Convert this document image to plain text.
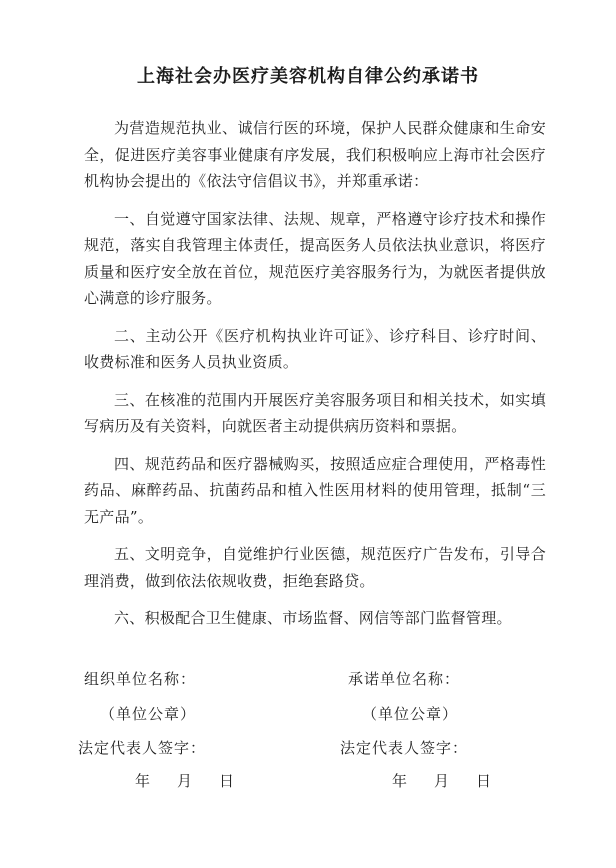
上海社会办医疗美容机构自律公约承诺书

为营造规范执业、诚信行医的环境，保护人民群众健康和生命安全，促进医疗美容事业健康有序发展，我们积极响应上海市社会医疗机构协会提出的《依法守信倡议书》，并郑重承诺：

一、自觉遵守国家法律、法规、规章，严格遵守诊疗技术和操作规范，落实自我管理主体责任，提高医务人员依法执业意识，将医疗质量和医疗安全放在首位，规范医疗美容服务行为，为就医者提供放心满意的诊疗服务。

二、主动公开《医疗机构执业许可证》、诊疗科目、诊疗时间、收费标准和医务人员执业资质。

三、在核准的范围内开展医疗美容服务项目和相关技术，如实填写病历及有关资料，向就医者主动提供病历资料和票据。

四、规范药品和医疗器械购买，按照适应症合理使用，严格毒性药品、麻醉药品、抗菌药品和植入性医用材料的使用管理，抵制“三无产品”。

五、文明竞争，自觉维护行业医德，规范医疗广告发布，引导合理消费，做到依法依规收费，拒绝套路贷。

六、积极配合卫生健康、市场监督、网信等部门监督管理。

组织单位名称：
（单位公章）
法定代表人签字：
年　月　日
承诺单位名称：
（单位公章）
法定代表人签字：
年　月　日
